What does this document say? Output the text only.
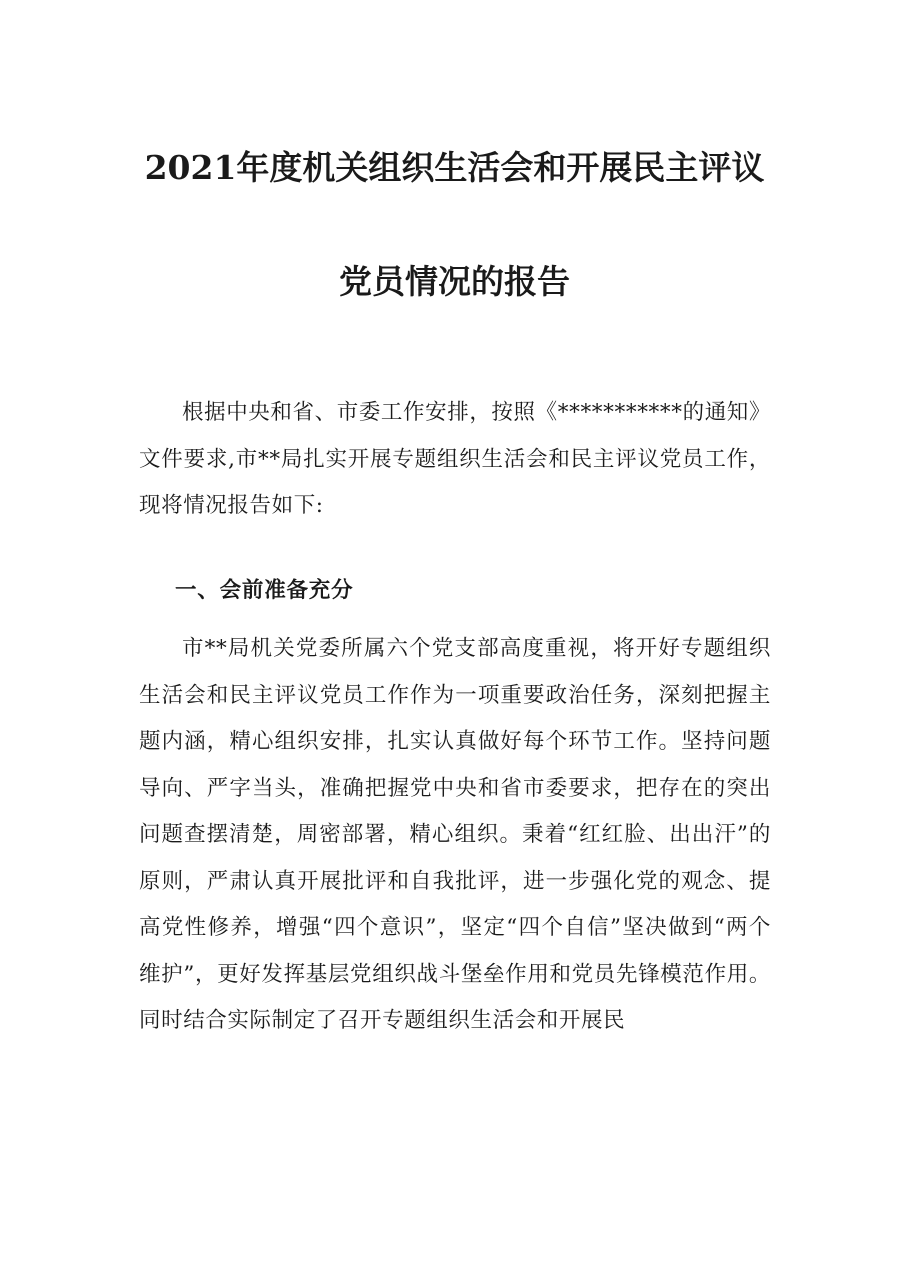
2021年度机关组织生活会和开展民主评议
党员情况的报告

根据中央和省、市委工作安排，按照《***********的通知》文件要求,市**局扎实开展专题组织生活会和民主评议党员工作，现将情况报告如下:

一、会前准备充分

市**局机关党委所属六个党支部高度重视，将开好专题组织生活会和民主评议党员工作作为一项重要政治任务，深刻把握主题内涵，精心组织安排，扎实认真做好每个环节工作。坚持问题导向、严字当头，准确把握党中央和省市委要求，把存在的突出问题查摆清楚，周密部署，精心组织。秉着“红红脸、出出汗”的原则，严肃认真开展批评和自我批评，进一步强化党的观念、提高党性修养，增强“四个意识”，坚定“四个自信”坚决做到“两个维护”，更好发挥基层党组织战斗堡垒作用和党员先锋模范作用。同时结合实际制定了召开专题组织生活会和开展民
